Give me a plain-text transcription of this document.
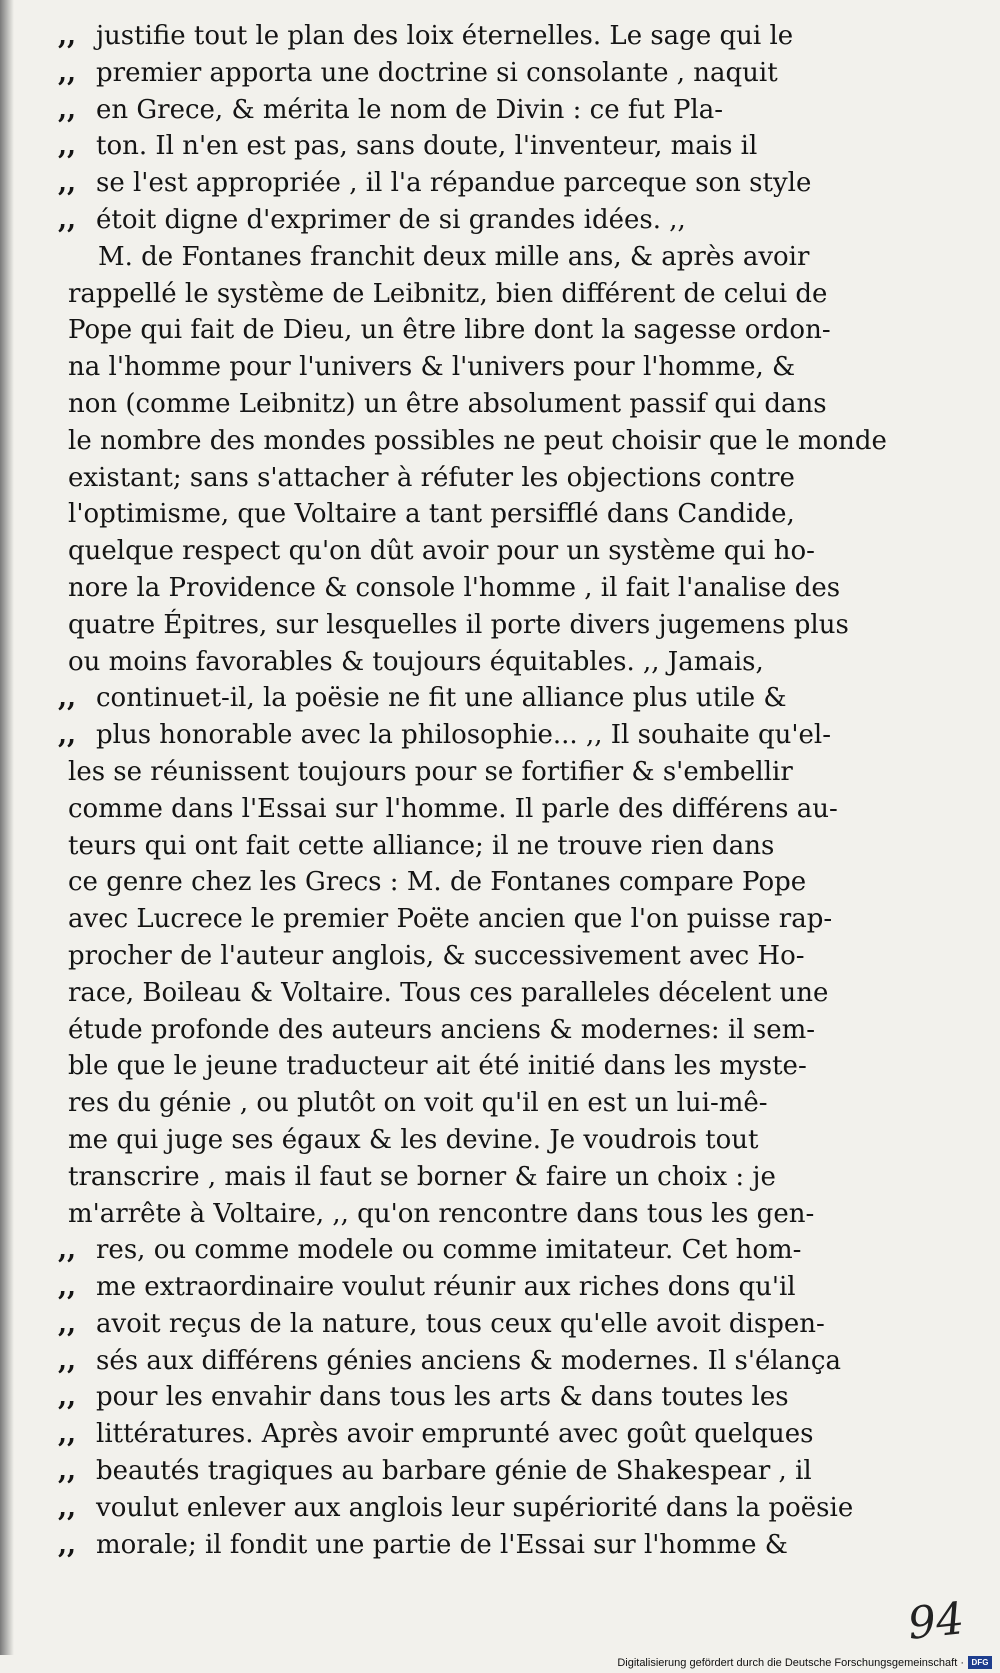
,, justifie tout le plan des loix éternelles. Le sage qui le
,, premier apporta une doctrine si consolante , naquit
,, en Grece, & mérita le nom de Divin : ce fut Pla-
,, ton. Il n'en est pas, sans doute, l'inventeur, mais il
,, se l'est appropriée , il l'a répandue parceque son style
,, étoit digne d'exprimer de si grandes idées. ,,
M. de Fontanes franchit deux mille ans, & après avoir
rappellé le système de Leibnitz, bien différent de celui de
Pope qui fait de Dieu, un être libre dont la sagesse ordon-
na l'homme pour l'univers & l'univers pour l'homme, &
non (comme Leibnitz) un être absolument passif qui dans
le nombre des mondes possibles ne peut choisir que le monde
existant; sans s'attacher à réfuter les objections contre
l'optimisme, que Voltaire a tant persifflé dans Candide,
quelque respect qu'on dût avoir pour un système qui ho-
nore la Providence & console l'homme , il fait l'analise des
quatre Épitres, sur lesquelles il porte divers jugemens plus
ou moins favorables & toujours équitables. ,, Jamais,
,, continuet-il, la poësie ne fit une alliance plus utile &
,, plus honorable avec la philosophie... ,, Il souhaite qu'el-
les se réunissent toujours pour se fortifier & s'embellir
comme dans l'Essai sur l'homme. Il parle des différens au-
teurs qui ont fait cette alliance; il ne trouve rien dans
ce genre chez les Grecs : M. de Fontanes compare Pope
avec Lucrece le premier Poëte ancien que l'on puisse rap-
procher de l'auteur anglois, & successivement avec Ho-
race, Boileau & Voltaire. Tous ces paralleles décelent une
étude profonde des auteurs anciens & modernes: il sem-
ble que le jeune traducteur ait été initié dans les myste-
res du génie , ou plutôt on voit qu'il en est un lui-mê-
me qui juge ses égaux & les devine. Je voudrois tout
transcrire , mais il faut se borner & faire un choix : je
m'arrête à Voltaire, ,, qu'on rencontre dans tous les gen-
,, res, ou comme modele ou comme imitateur. Cet hom-
,, me extraordinaire voulut réunir aux riches dons qu'il
,, avoit reçus de la nature, tous ceux qu'elle avoit dispen-
,, sés aux différens génies anciens & modernes. Il s'élança
,, pour les envahir dans tous les arts & dans toutes les
,, littératures. Après avoir emprunté avec goût quelques
,, beautés tragiques au barbare génie de Shakespear , il
,, voulut enlever aux anglois leur supériorité dans la poësie
,, morale; il fondit une partie de l'Essai sur l'homme &
94
Digitalisierung gefördert durch die Deutsche Forschungsgemeinschaft · DFG
